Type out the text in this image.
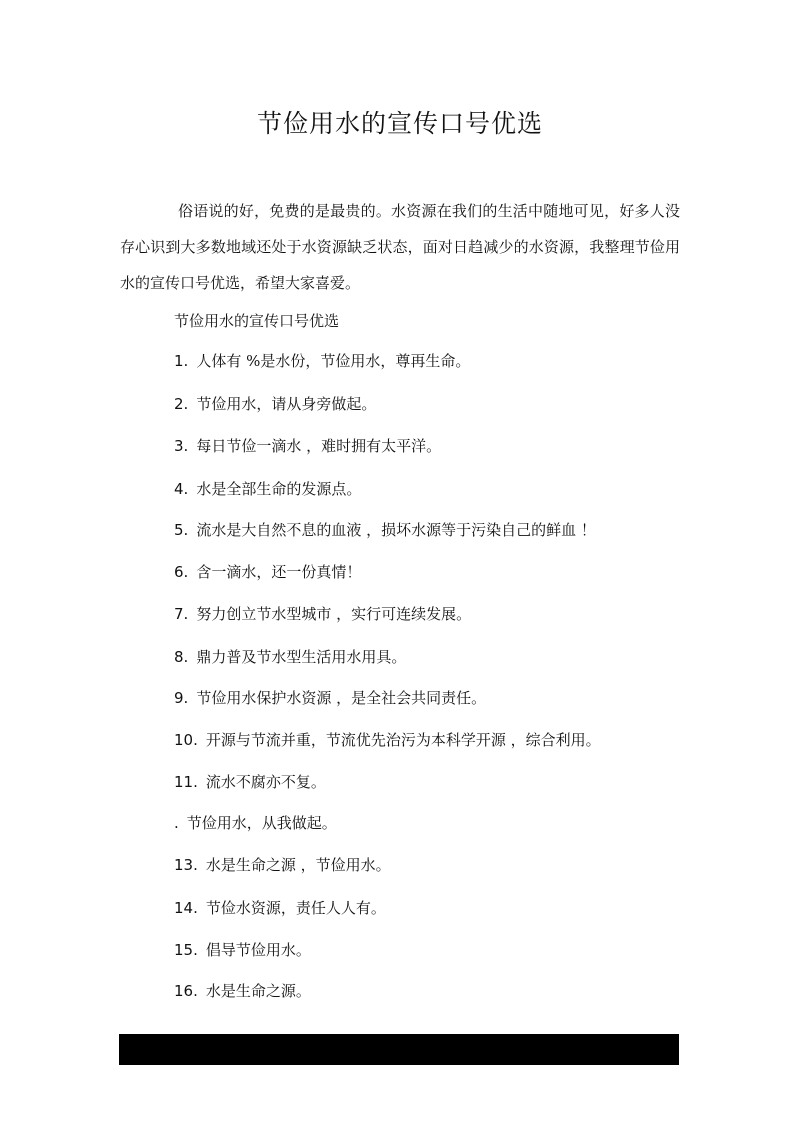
节俭用水的宣传口号优选
俗语说的好，免费的是最贵的。水资源在我们的生活中随地可见，好多人没存心识到大多数地域还处于水资源缺乏状态，面对日趋减少的水资源，我整理节俭用水的宣传口号优选，希望大家喜爱。
节俭用水的宣传口号优选
1. 人体有 %是水份，节俭用水，尊再生命。
2. 节俭用水，请从身旁做起。
3. 每日节俭一滴水 ，难时拥有太平洋。
4. 水是全部生命的发源点。
5. 流水是大自然不息的血液 ，损坏水源等于污染自己的鲜血 ！
6. 含一滴水，还一份真情！
7. 努力创立节水型城市 ，实行可连续发展。
8. 鼎力普及节水型生活用水用具。
9. 节俭用水保护水资源 ，是全社会共同责任。
10. 开源与节流并重，节流优先治污为本科学开源 ，综合利用。
11. 流水不腐亦不复。
. 节俭用水，从我做起。
13. 水是生命之源 ，节俭用水。
14. 节俭水资源，责任人人有。
15. 倡导节俭用水。
16. 水是生命之源。
